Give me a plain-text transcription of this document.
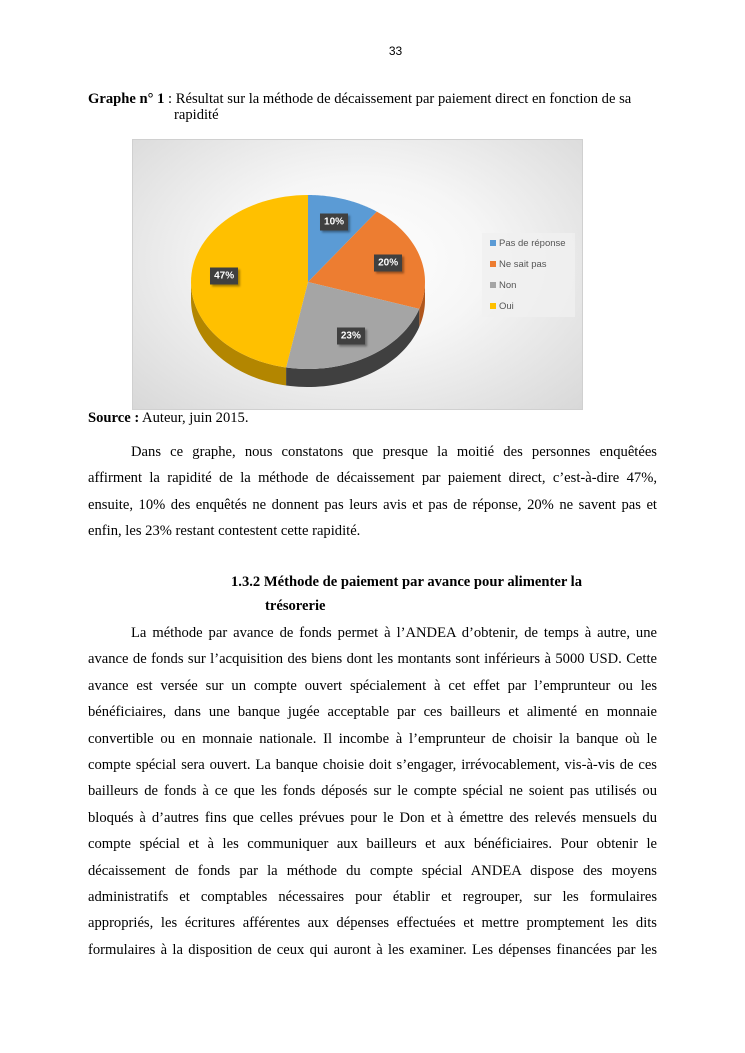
33
Graphe n° 1 : Résultat sur la méthode de décaissement par paiement direct en fonction de sa
rapidité
Pas de réponse
Ne sait pas
Non
Oui
10%
20%
23%
47%
Source : Auteur, juin 2015.
Dans ce graphe, nous constatons que presque la moitié des personnes enquêtées
affirment la rapidité de la méthode de décaissement par paiement direct, c’est-à-dire 47%,
ensuite, 10% des enquêtés ne donnent pas leurs avis et pas de réponse, 20% ne savent pas et
enfin, les 23% restant contestent cette rapidité.
1.3.2 Méthode de paiement par avance pour alimenter la
trésorerie
La méthode par avance de fonds permet à l’ANDEA d’obtenir, de temps à autre, une
avance de fonds sur l’acquisition des biens dont les montants sont inférieurs à 5000 USD. Cette
avance est versée sur un compte ouvert spécialement à cet effet par l’emprunteur ou les
bénéficiaires, dans une banque jugée acceptable par ces bailleurs et alimenté en monnaie
convertible ou en monnaie nationale. Il incombe à l’emprunteur de choisir la banque où le
compte spécial sera ouvert. La banque choisie doit s’engager, irrévocablement, vis-à-vis de ces
bailleurs de fonds à ce que les fonds déposés sur le compte spécial ne soient pas utilisés ou
bloqués à d’autres fins que celles prévues pour le Don et à émettre des relevés mensuels du
compte spécial et à les communiquer aux bailleurs et aux bénéficiaires. Pour obtenir le
décaissement de fonds par la méthode du compte spécial ANDEA dispose des moyens
administratifs et comptables nécessaires pour établir et regrouper, sur les formulaires
appropriés, les écritures afférentes aux dépenses effectuées et mettre promptement les dits
formulaires à la disposition de ceux qui auront à les examiner. Les dépenses financées par les
